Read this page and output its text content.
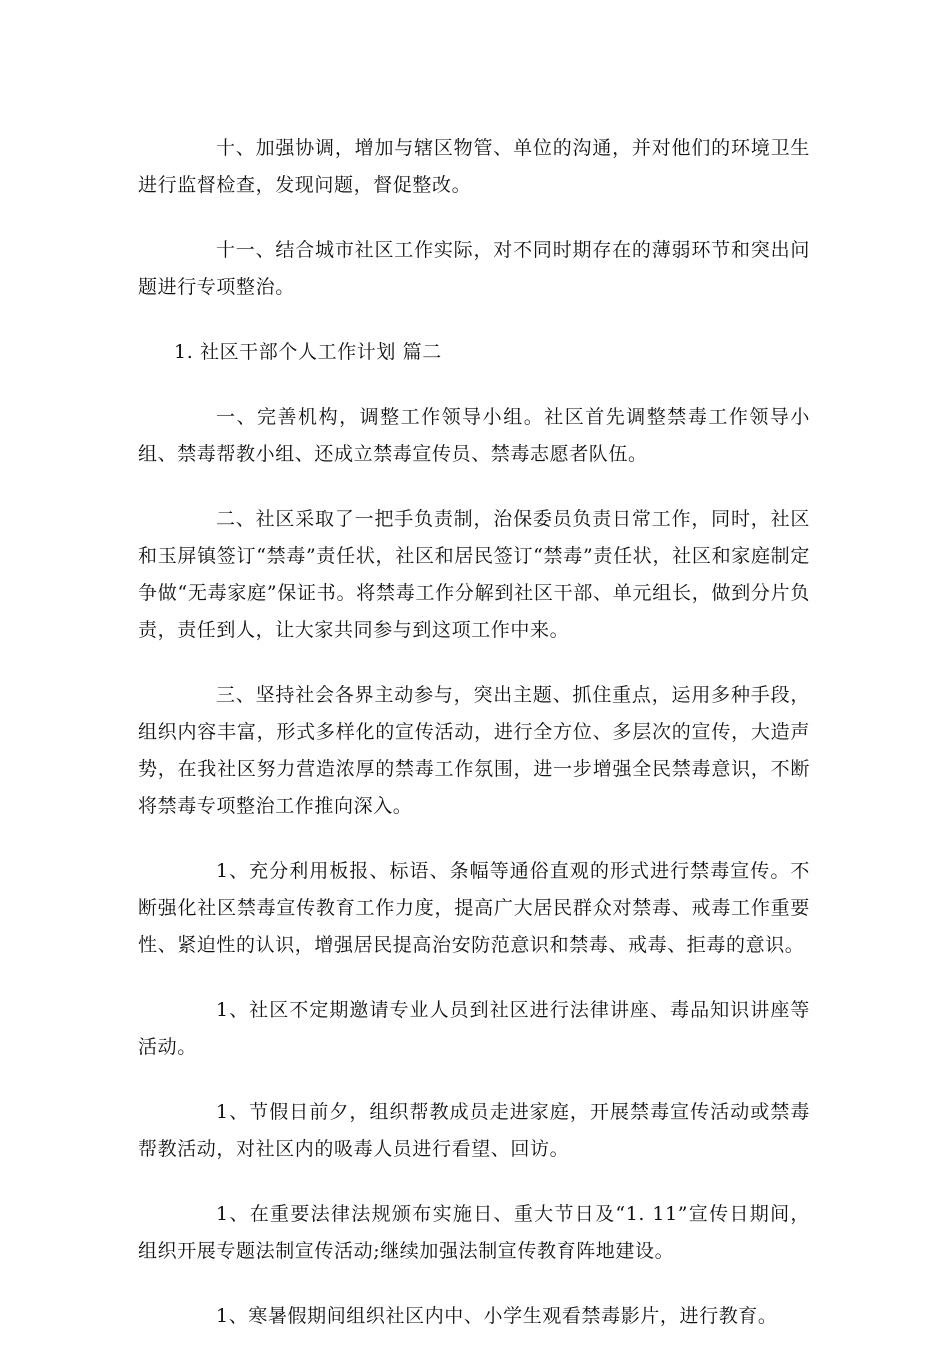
十、加强协调，增加与辖区物管、单位的沟通，并对他们的环境卫生进行监督检查，发现问题，督促整改。

十一、结合城市社区工作实际，对不同时期存在的薄弱环节和突出问题进行专项整治。

1. 社区干部个人工作计划 篇二

一、完善机构，调整工作领导小组。社区首先调整禁毒工作领导小组、禁毒帮教小组、还成立禁毒宣传员、禁毒志愿者队伍。

二、社区采取了一把手负责制，治保委员负责日常工作，同时，社区和玉屏镇签订“禁毒”责任状，社区和居民签订“禁毒”责任状，社区和家庭制定争做“无毒家庭”保证书。将禁毒工作分解到社区干部、单元组长，做到分片负责，责任到人，让大家共同参与到这项工作中来。

三、坚持社会各界主动参与，突出主题、抓住重点，运用多种手段，组织内容丰富，形式多样化的宣传活动，进行全方位、多层次的宣传，大造声势，在我社区努力营造浓厚的禁毒工作氛围，进一步增强全民禁毒意识，不断将禁毒专项整治工作推向深入。

1、充分利用板报、标语、条幅等通俗直观的形式进行禁毒宣传。不断强化社区禁毒宣传教育工作力度，提高广大居民群众对禁毒、戒毒工作重要性、紧迫性的认识，增强居民提高治安防范意识和禁毒、戒毒、拒毒的意识。

1、社区不定期邀请专业人员到社区进行法律讲座、毒品知识讲座等活动。

1、节假日前夕，组织帮教成员走进家庭，开展禁毒宣传活动或禁毒帮教活动，对社区内的吸毒人员进行看望、回访。

1、在重要法律法规颁布实施日、重大节日及“1. 11”宣传日期间，组织开展专题法制宣传活动;继续加强法制宣传教育阵地建设。

1、寒暑假期间组织社区内中、小学生观看禁毒影片，进行教育。
